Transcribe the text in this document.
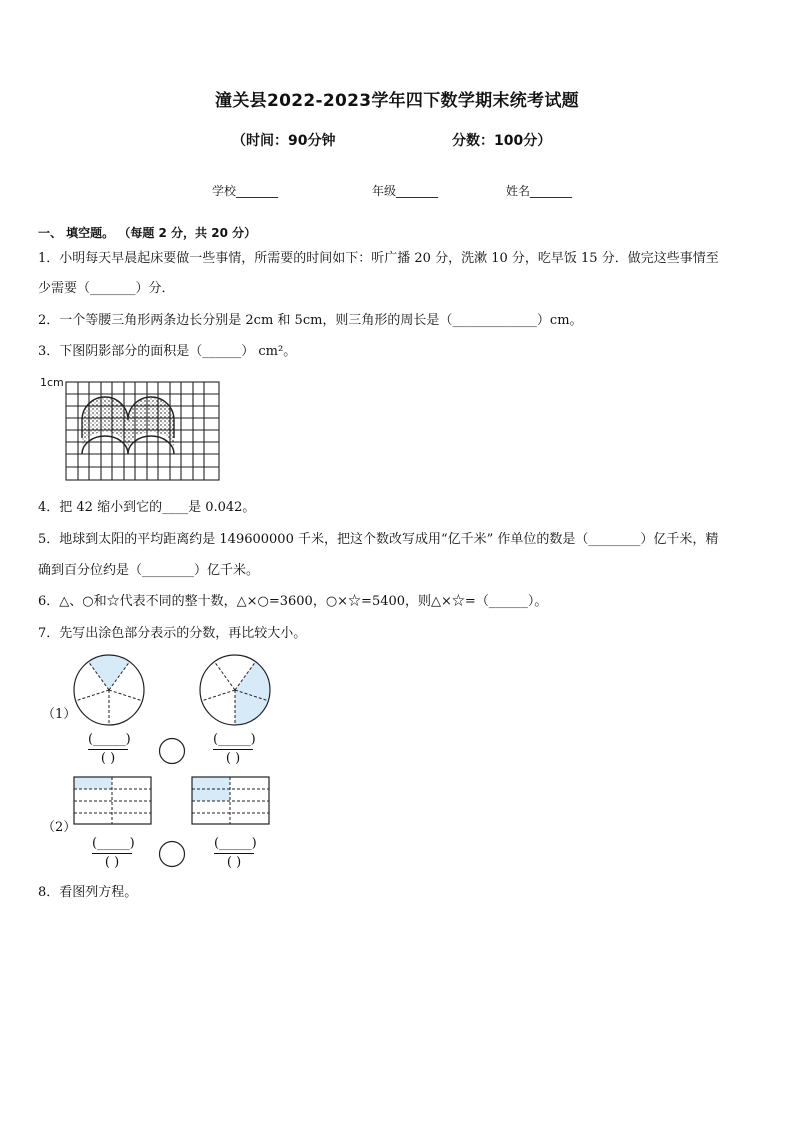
潼关县2022-2023学年四下数学期末统考试题
（时间：90分钟	分数：100分）
学校_______	年级_______	姓名_______
一、 填空题。 （每题 2 分，共 20 分）
1．小明每天早晨起床要做一些事情，所需要的时间如下：听广播 20 分，洗漱 10 分，吃早饭 15 分．做完这些事情至
少需要（_______）分．
2．一个等腰三角形两条边长分别是 2cm 和 5cm，则三角形的周长是（_____________）cm。
3．下图阴影部分的面积是（______） cm²。
1cm
4．把 42 缩小到它的____是 0.042。
5．地球到太阳的平均距离约是 149600000 千米，把这个数改写成用“亿千米” 作单位的数是（________）亿千米，精
确到百分位约是（________）亿千米。
6．△、○和☆代表不同的整十数，△×○=3600，○×☆=5400，则△×☆=（______）。
7．先写出涂色部分表示的分数，再比较大小。
（1）
(_____)
( )
(_____)
( )
（2）
(_____)
( )
(_____)
( )
8．看图列方程。
